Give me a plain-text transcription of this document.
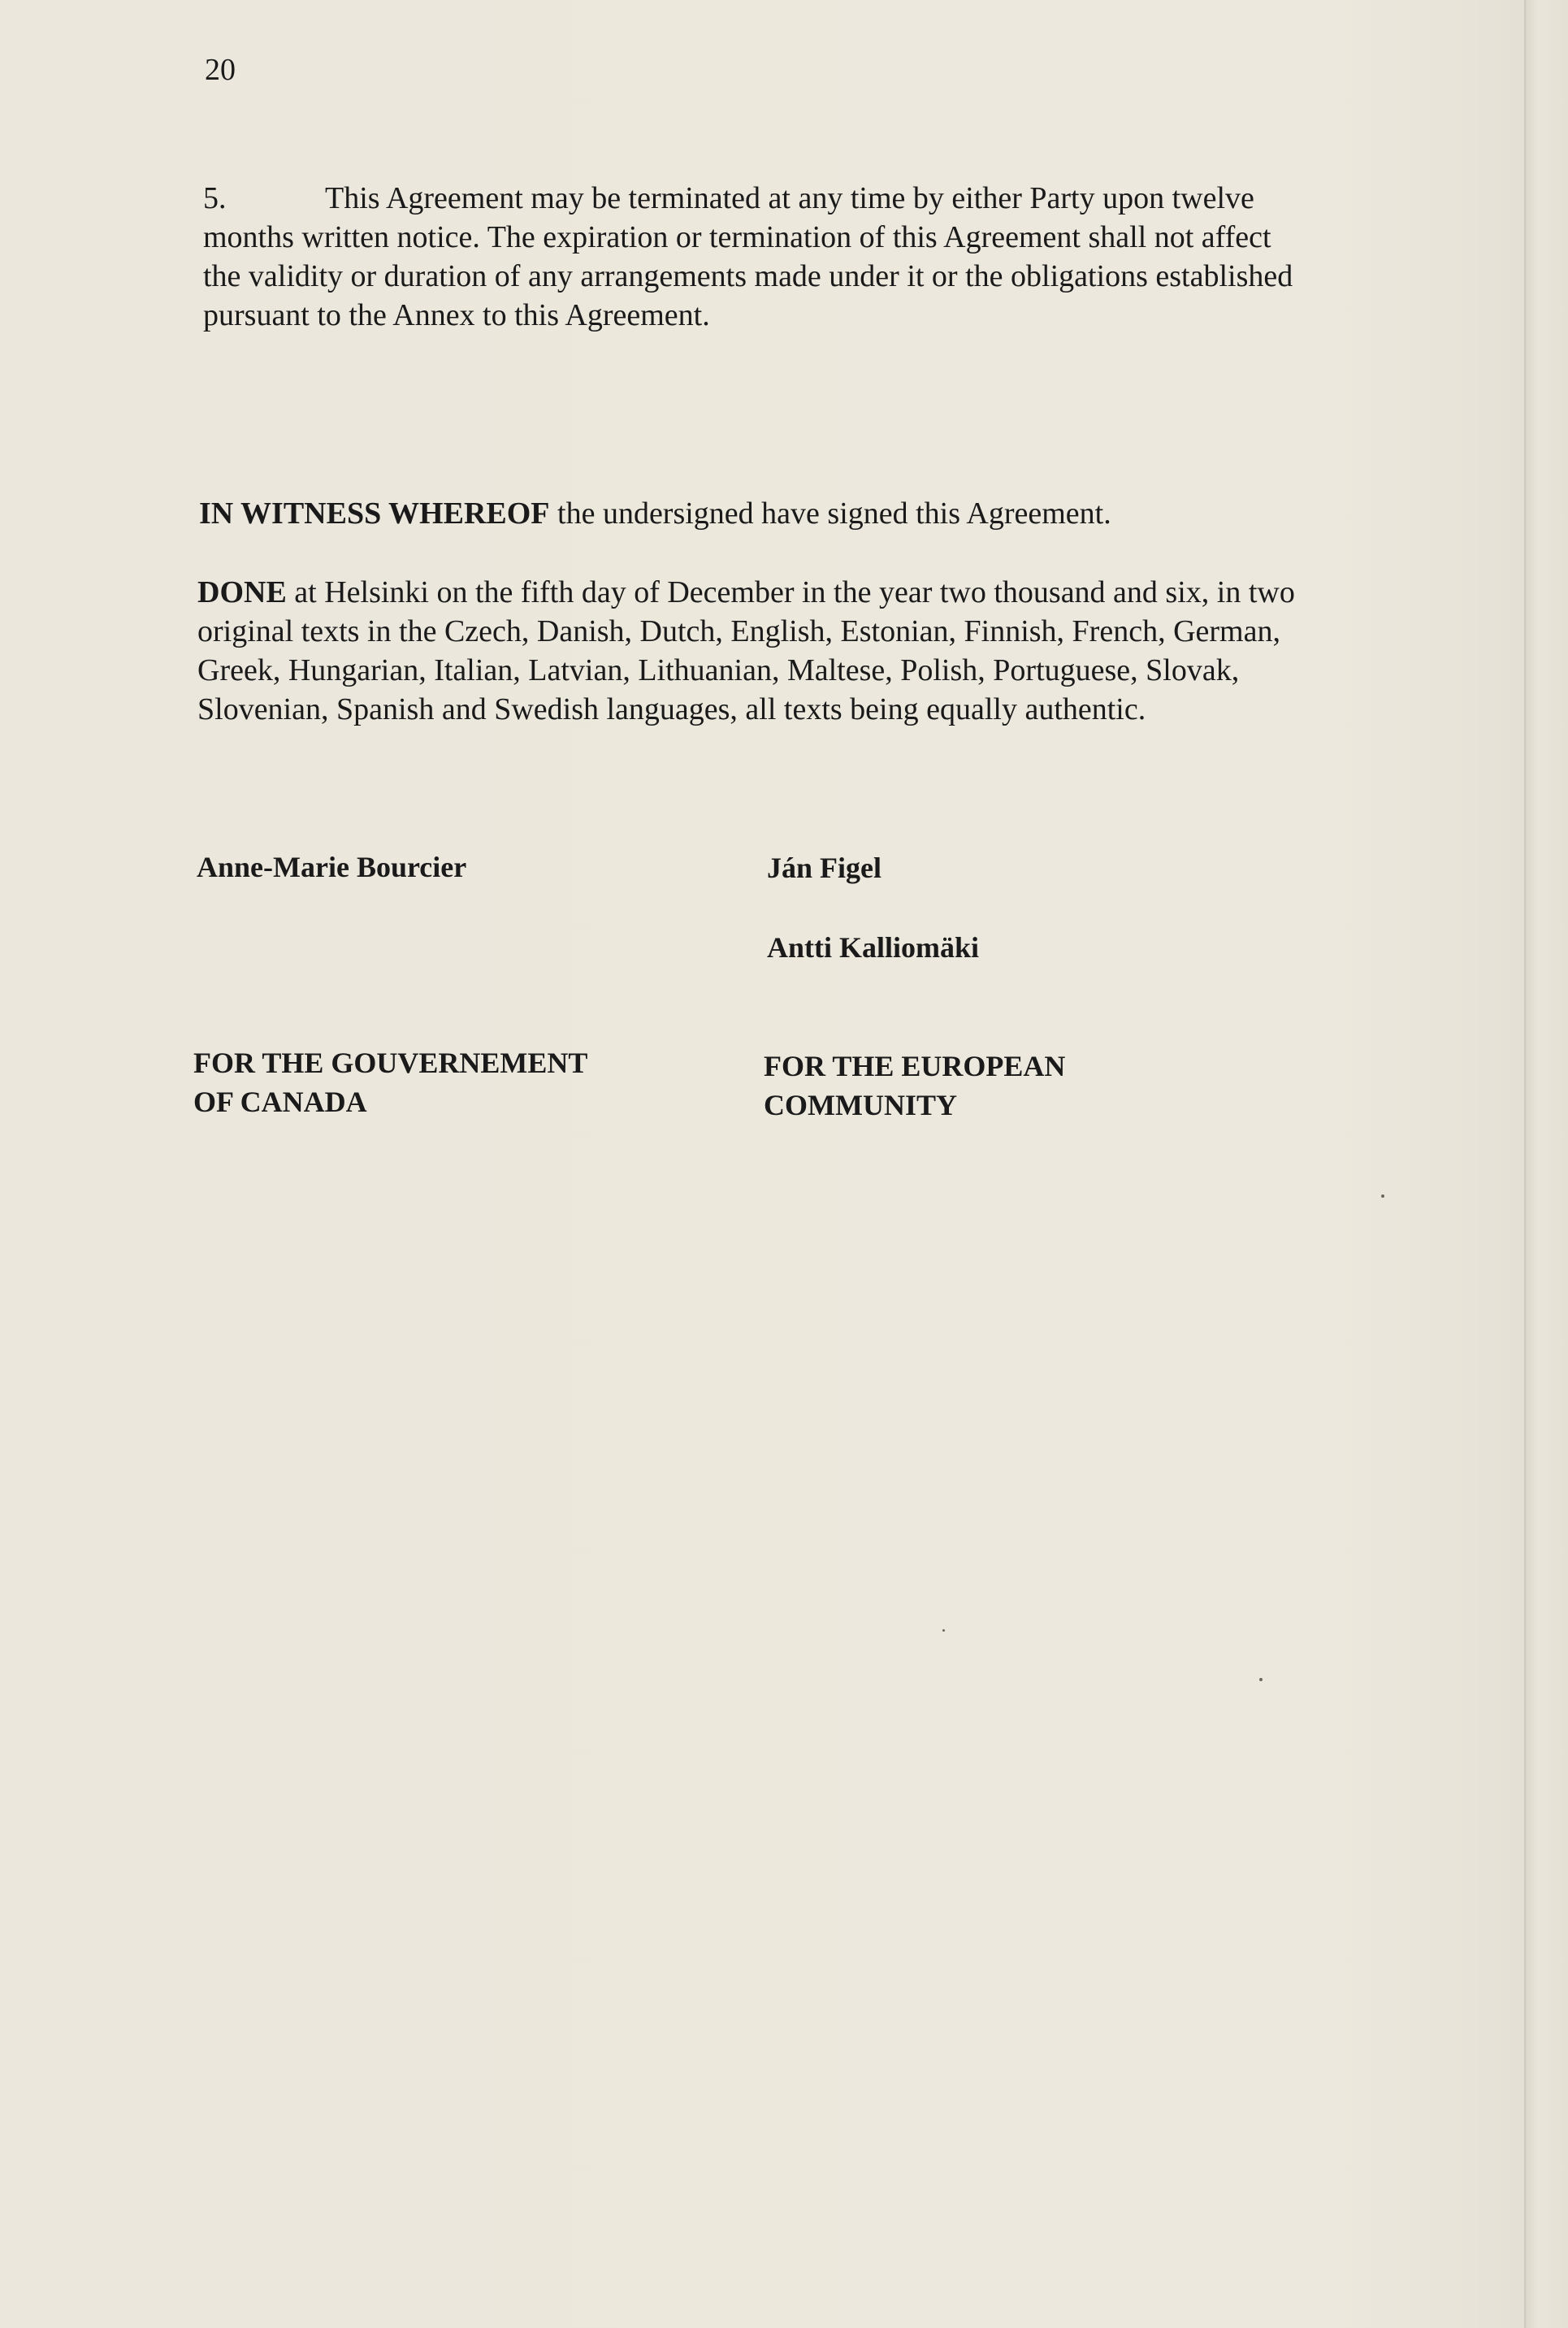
20

5.	This Agreement may be terminated at any time by either Party upon twelve months written notice. The expiration or termination of this Agreement shall not affect the validity or duration of any arrangements made under it or the obligations established pursuant to the Annex to this Agreement.

IN WITNESS WHEREOF the undersigned have signed this Agreement.

DONE at Helsinki on the fifth day of December in the year two thousand and six, in two original texts in the Czech, Danish, Dutch, English, Estonian, Finnish, French, German, Greek, Hungarian, Italian, Latvian, Lithuanian, Maltese, Polish, Portuguese, Slovak, Slovenian, Spanish and Swedish languages, all texts being equally authentic.

Anne-Marie Bourcier	Ján Figel
Antti Kalliomäki
FOR THE GOUVERNEMENT
OF CANADA
FOR THE EUROPEAN
COMMUNITY
